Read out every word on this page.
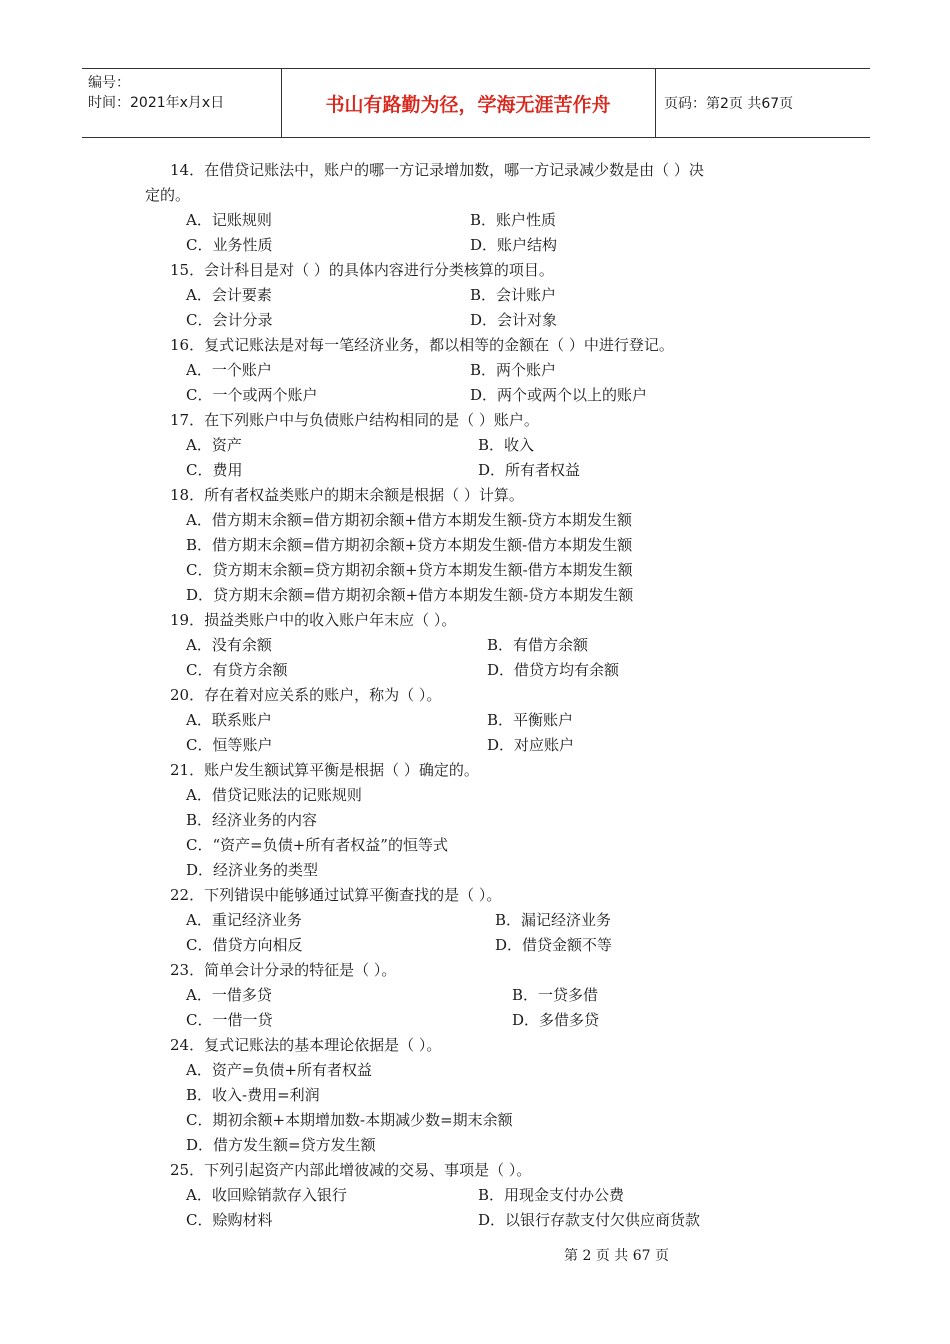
编号：
时间：2021年x月x日	书山有路勤为径，学海无涯苦作舟	页码：第2页 共67页
14．在借贷记账法中，账户的哪一方记录增加数，哪一方记录减少数是由（ ）决
定的。
A．记账规则	B．账户性质
C．业务性质	D．账户结构
15．会计科目是对（ ）的具体内容进行分类核算的项目。
A．会计要素	B．会计账户
C．会计分录	D．会计对象
16．复式记账法是对每一笔经济业务，都以相等的金额在（ ）中进行登记。
A．一个账户	B．两个账户
C．一个或两个账户	D．两个或两个以上的账户
17．在下列账户中与负债账户结构相同的是（ ）账户。
A．资产	B．收入
C．费用	D．所有者权益
18．所有者权益类账户的期末余额是根据（ ）计算。
A．借方期末余额=借方期初余额+借方本期发生额-贷方本期发生额
B．借方期末余额=借方期初余额+贷方本期发生额-借方本期发生额
C．贷方期末余额=贷方期初余额+贷方本期发生额-借方本期发生额
D．贷方期末余额=借方期初余额+借方本期发生额-贷方本期发生额
19．损益类账户中的收入账户年末应（ ）。
A．没有余额	B．有借方余额
C．有贷方余额	D．借贷方均有余额
20．存在着对应关系的账户，称为（ ）。
A．联系账户	B．平衡账户
C．恒等账户	D．对应账户
21．账户发生额试算平衡是根据（ ）确定的。
A．借贷记账法的记账规则
B．经济业务的内容
C．“资产=负债+所有者权益”的恒等式
D．经济业务的类型
22．下列错误中能够通过试算平衡查找的是（ ）。
A．重记经济业务	B．漏记经济业务
C．借贷方向相反	D．借贷金额不等
23．简单会计分录的特征是（ ）。
A．一借多贷	B．一贷多借
C．一借一贷	D．多借多贷
24．复式记账法的基本理论依据是（ ）。
A．资产=负债+所有者权益
B．收入-费用=利润
C．期初余额+本期增加数-本期减少数=期末余额
D．借方发生额=贷方发生额
25．下列引起资产内部此增彼减的交易、事项是（ ）。
A．收回赊销款存入银行	B．用现金支付办公费
C．赊购材料	D．以银行存款支付欠供应商货款
第 2 页 共 67 页
